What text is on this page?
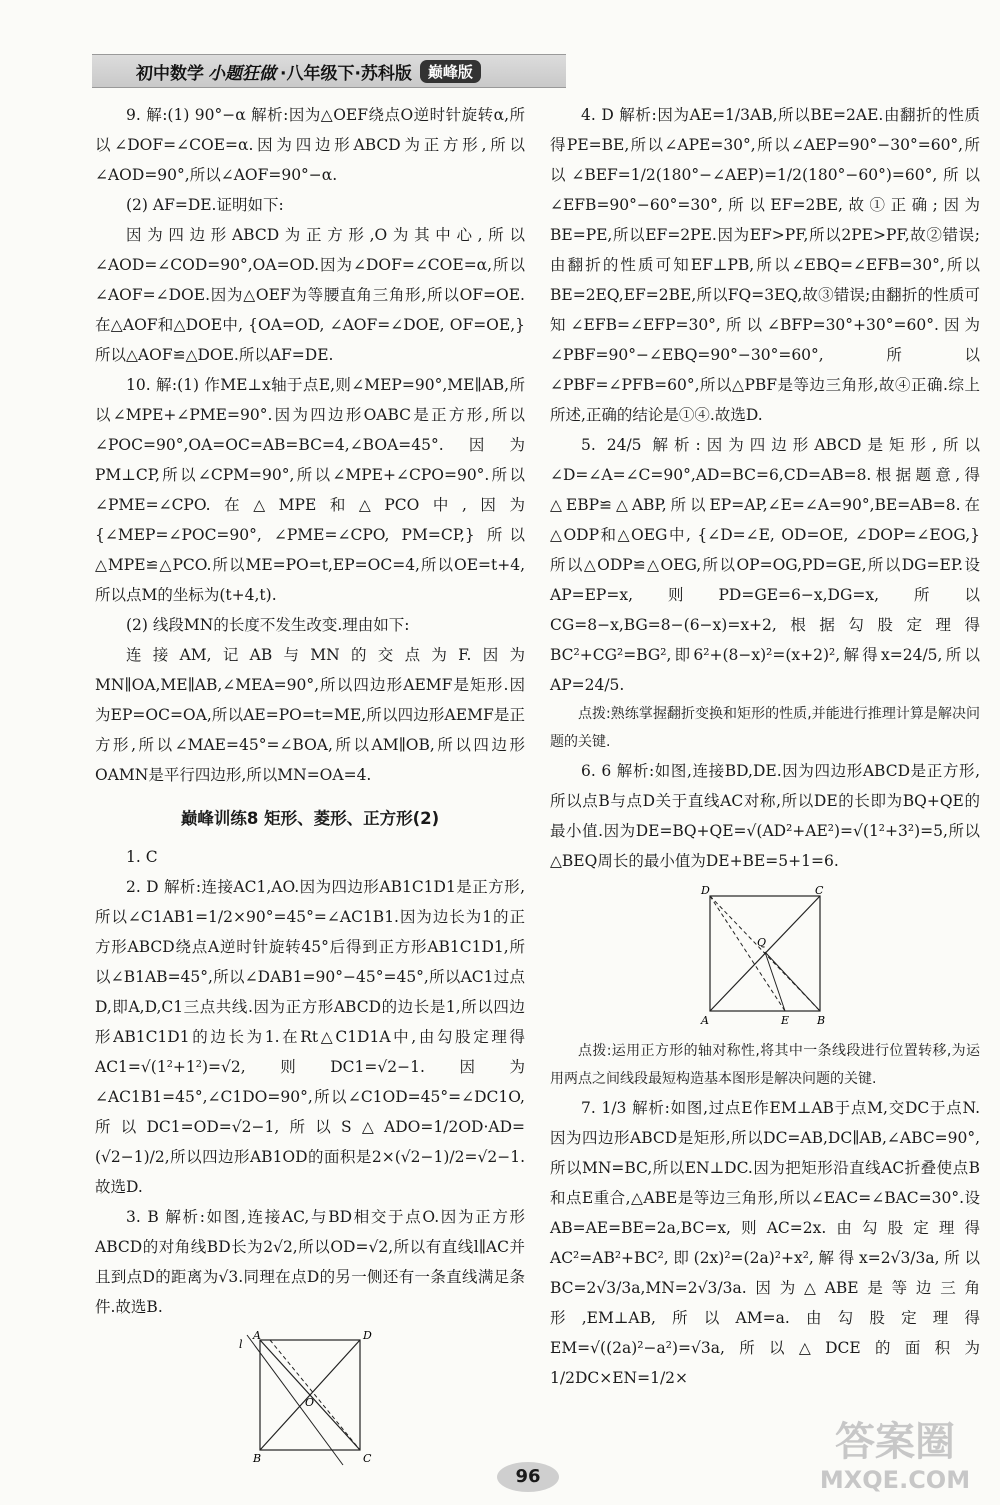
初中数学 小题狂做 ·八年级下·苏科版	巅峰版

9. 解:(1) 90°−α 解析:因为△OEF绕点O逆时针旋转α,所以∠DOF=∠COE=α.因为四边形ABCD为正方形,所以∠AOD=90°,所以∠AOF=90°−α.

(2) AF=DE.证明如下:

因为四边形ABCD为正方形,O为其中心,所以∠AOD=∠COD=90°,OA=OD.因为∠DOF=∠COE=α,所以∠AOF=∠DOE.因为△OEF为等腰直角三角形,所以OF=OE.在△AOF和△DOE中, {OA=OD, ∠AOF=∠DOE, OF=OE,} 所以△AOF≌△DOE.所以AF=DE.

10. 解:(1) 作ME⊥x轴于点E,则∠MEP=90°,ME∥AB,所以∠MPE+∠PME=90°.因为四边形OABC是正方形,所以∠POC=90°,OA=OC=AB=BC=4,∠BOA=45°.因为PM⊥CP,所以∠CPM=90°,所以∠MPE+∠CPO=90°.所以∠PME=∠CPO.在△MPE和△PCO中,因为 {∠MEP=∠POC=90°, ∠PME=∠CPO, PM=CP,} 所以△MPE≌△PCO.所以ME=PO=t,EP=OC=4,所以OE=t+4,所以点M的坐标为(t+4,t).

(2) 线段MN的长度不发生改变.理由如下:

连接AM,记AB与MN的交点为F.因为MN∥OA,ME∥AB,∠MEA=90°,所以四边形AEMF是矩形.因为EP=OC=OA,所以AE=PO=t=ME,所以四边形AEMF是正方形,所以∠MAE=45°=∠BOA,所以AM∥OB,所以四边形OAMN是平行四边形,所以MN=OA=4.

巅峰训练8 矩形、菱形、正方形(2)

1. C

2. D 解析:连接AC1,AO.因为四边形AB1C1D1是正方形,所以∠C1AB1=1/2×90°=45°=∠AC1B1.因为边长为1的正方形ABCD绕点A逆时针旋转45°后得到正方形AB1C1D1,所以∠B1AB=45°,所以∠DAB1=90°−45°=45°,所以AC1过点D,即A,D,C1三点共线.因为正方形ABCD的边长是1,所以四边形AB1C1D1的边长为1.在Rt△C1D1A中,由勾股定理得AC1=√(1²+1²)=√2,则DC1=√2−1.因为∠AC1B1=45°,∠C1DO=90°,所以∠C1OD=45°=∠DC1O,所以DC1=OD=√2−1,所以S△ADO=1/2OD·AD=(√2−1)/2,所以四边形AB1OD的面积是2×(√2−1)/2=√2−1.故选D.

3. B 解析:如图,连接AC,与BD相交于点O.因为正方形ABCD的对角线BD长为2√2,所以OD=√2,所以有直线l∥AC并且到点D的距离为√3.同理在点D的另一侧还有一条直线满足条件.故选B.

A	D
B	C
O
l

4. D 解析:因为AE=1/3AB,所以BE=2AE.由翻折的性质得PE=BE,所以∠APE=30°,所以∠AEP=90°−30°=60°,所以∠BEF=1/2(180°−∠AEP)=1/2(180°−60°)=60°,所以∠EFB=90°−60°=30°,所以EF=2BE,故①正确;因为BE=PE,所以EF=2PE.因为EF>PF,所以2PE>PF,故②错误;由翻折的性质可知EF⊥PB,所以∠EBQ=∠EFB=30°,所以BE=2EQ,EF=2BE,所以FQ=3EQ,故③错误;由翻折的性质可知∠EFB=∠EFP=30°,所以∠BFP=30°+30°=60°.因为∠PBF=90°−∠EBQ=90°−30°=60°,所以∠PBF=∠PFB=60°,所以△PBF是等边三角形,故④正确.综上所述,正确的结论是①④.故选D.

5. 24/5 解析:因为四边形ABCD是矩形,所以∠D=∠A=∠C=90°,AD=BC=6,CD=AB=8.根据题意,得△EBP≌△ABP,所以EP=AP,∠E=∠A=90°,BE=AB=8.在△ODP和△OEG中, {∠D=∠E, OD=OE, ∠DOP=∠EOG,} 所以△ODP≌△OEG,所以OP=OG,PD=GE,所以DG=EP.设AP=EP=x,则PD=GE=6−x,DG=x,所以CG=8−x,BG=8−(6−x)=x+2,根据勾股定理得BC²+CG²=BG²,即6²+(8−x)²=(x+2)²,解得x=24/5,所以AP=24/5.

点拨:熟练掌握翻折变换和矩形的性质,并能进行推理计算是解决问题的关键.

6. 6 解析:如图,连接BD,DE.因为四边形ABCD是正方形,所以点B与点D关于直线AC对称,所以DE的长即为BQ+QE的最小值.因为DE=BQ+QE=√(AD²+AE²)=√(1²+3²)=5,所以△BEQ周长的最小值为DE+BE=5+1=6.

D	C
Q
A	E	B

点拨:运用正方形的轴对称性,将其中一条线段进行位置转移,为运用两点之间线段最短构造基本图形是解决问题的关键.

7. 1/3 解析:如图,过点E作EM⊥AB于点M,交DC于点N.因为四边形ABCD是矩形,所以DC=AB,DC∥AB,∠ABC=90°,所以MN=BC,所以EN⊥DC.因为把矩形沿直线AC折叠使点B和点E重合,△ABE是等边三角形,所以∠EAC=∠BAC=30°.设AB=AE=BE=2a,BC=x,则AC=2x.由勾股定理得AC²=AB²+BC²,即(2x)²=(2a)²+x²,解得x=2√3/3a,所以BC=2√3/3a,MN=2√3/3a.因为△ABE是等边三角形,EM⊥AB,所以AM=a.由勾股定理得EM=√((2a)²−a²)=√3a,所以△DCE的面积为1/2DC×EN=1/2×

96
答案圈
MXQE.COM
